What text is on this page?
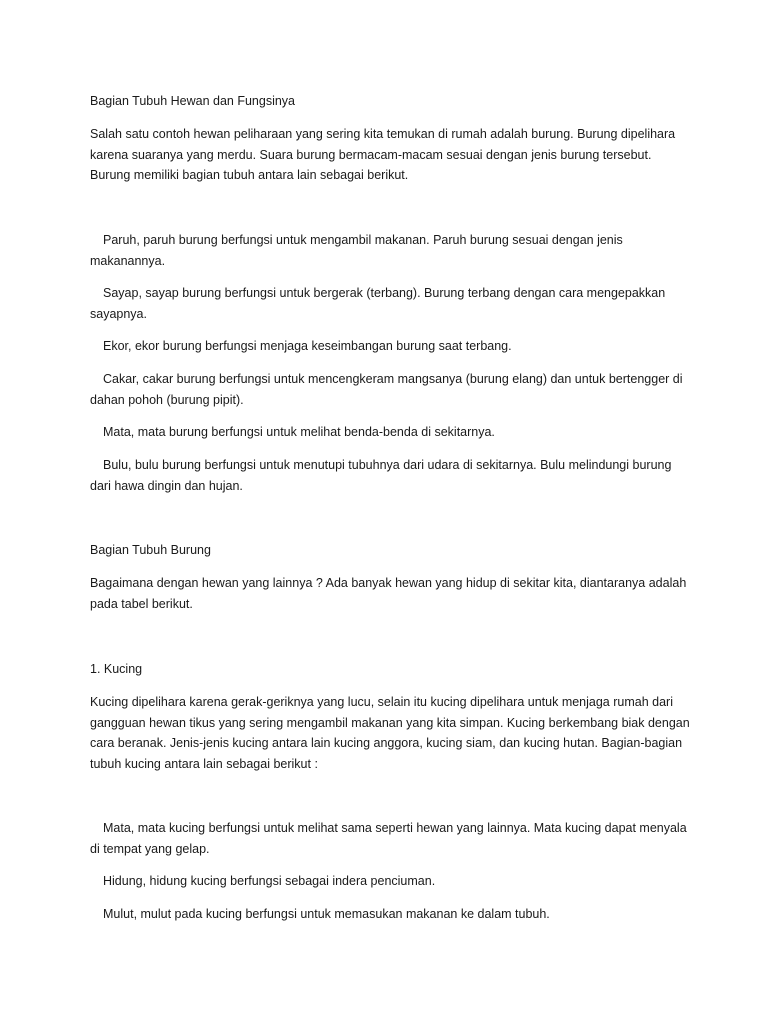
Bagian Tubuh Hewan dan Fungsinya

Salah satu contoh hewan peliharaan yang sering kita temukan di rumah adalah burung. Burung dipelihara karena suaranya yang merdu. Suara burung bermacam-macam sesuai dengan jenis burung tersebut. Burung memiliki bagian tubuh antara lain sebagai berikut.

Paruh, paruh burung berfungsi untuk mengambil makanan. Paruh burung sesuai dengan jenis makanannya.

Sayap, sayap burung berfungsi untuk bergerak (terbang). Burung terbang dengan cara mengepakkan sayapnya.

Ekor, ekor burung berfungsi menjaga keseimbangan burung saat terbang.

Cakar, cakar burung berfungsi untuk mencengkeram mangsanya (burung elang) dan untuk bertengger di dahan pohoh (burung pipit).

Mata, mata burung berfungsi untuk melihat benda-benda di sekitarnya.

Bulu, bulu burung berfungsi untuk menutupi tubuhnya dari udara di sekitarnya. Bulu melindungi burung dari hawa dingin dan hujan.

Bagian Tubuh Burung

Bagaimana dengan hewan yang lainnya ? Ada banyak hewan yang hidup di sekitar kita, diantaranya adalah pada tabel berikut.

1. Kucing

Kucing dipelihara karena gerak-geriknya yang lucu, selain itu kucing dipelihara untuk menjaga rumah dari gangguan hewan tikus yang sering mengambil makanan yang kita simpan. Kucing berkembang biak dengan cara beranak. Jenis-jenis kucing antara lain kucing anggora, kucing siam, dan kucing hutan. Bagian-bagian tubuh kucing antara lain sebagai berikut :

Mata, mata kucing berfungsi untuk melihat sama seperti hewan yang lainnya. Mata kucing dapat menyala di tempat yang gelap.

Hidung, hidung kucing berfungsi sebagai indera penciuman.

Mulut, mulut pada kucing berfungsi untuk memasukan makanan ke dalam tubuh.
